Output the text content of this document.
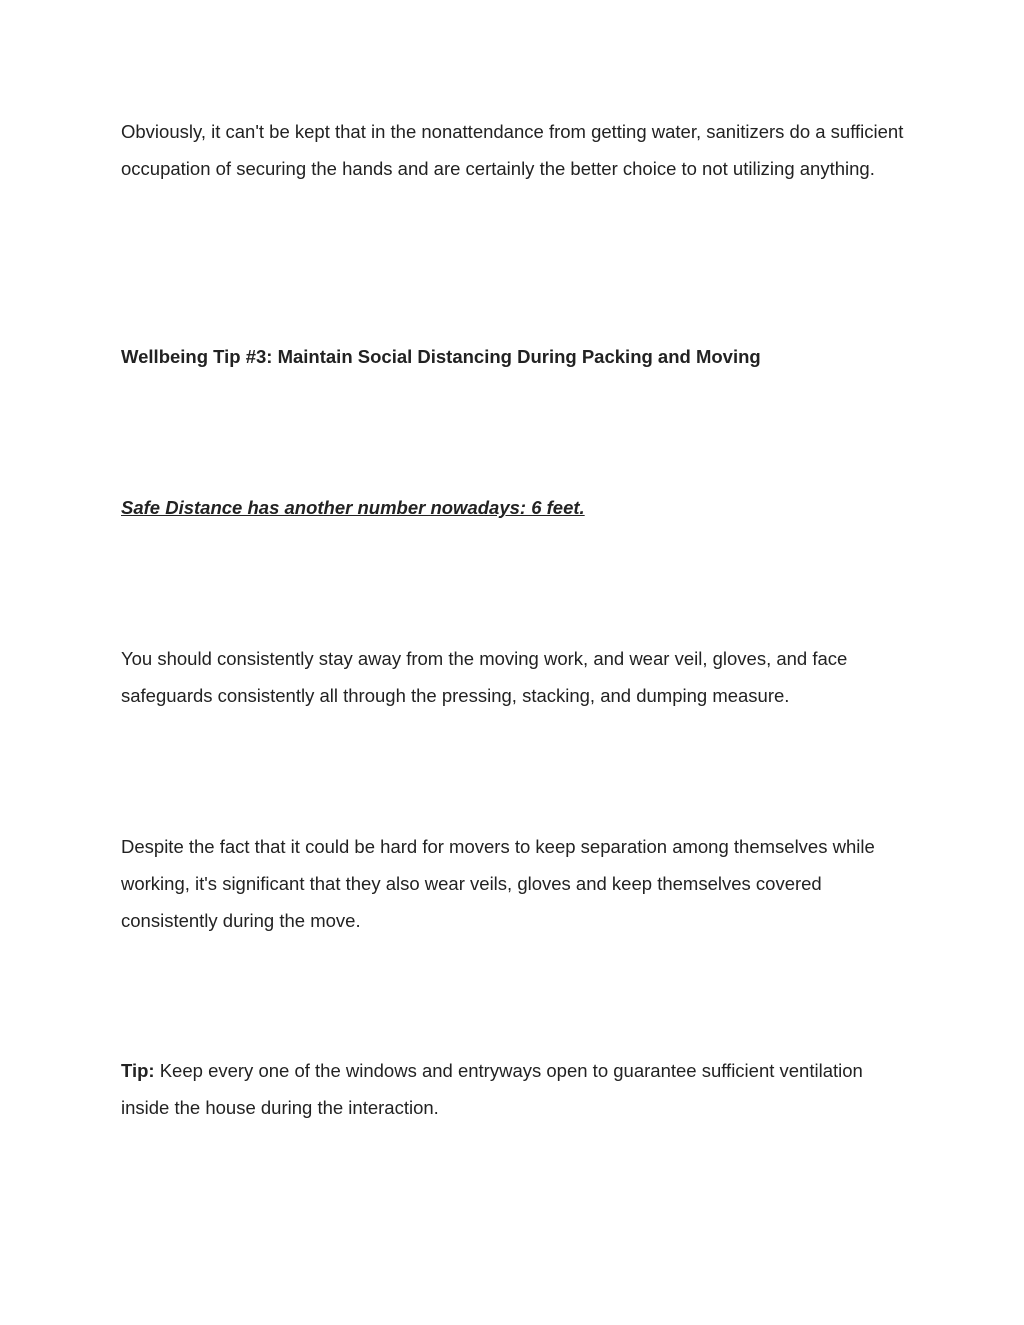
Obviously, it can't be kept that in the nonattendance from getting water, sanitizers do a sufficient occupation of securing the hands and are certainly the better choice to not utilizing anything.

Wellbeing Tip #3: Maintain Social Distancing During Packing and Moving

Safe Distance has another number nowadays: 6 feet.

You should consistently stay away from the moving work, and wear veil, gloves, and face safeguards consistently all through the pressing, stacking, and dumping measure.

Despite the fact that it could be hard for movers to keep separation among themselves while working, it's significant that they also wear veils, gloves and keep themselves covered consistently during the move.

Tip: Keep every one of the windows and entryways open to guarantee sufficient ventilation inside the house during the interaction.
